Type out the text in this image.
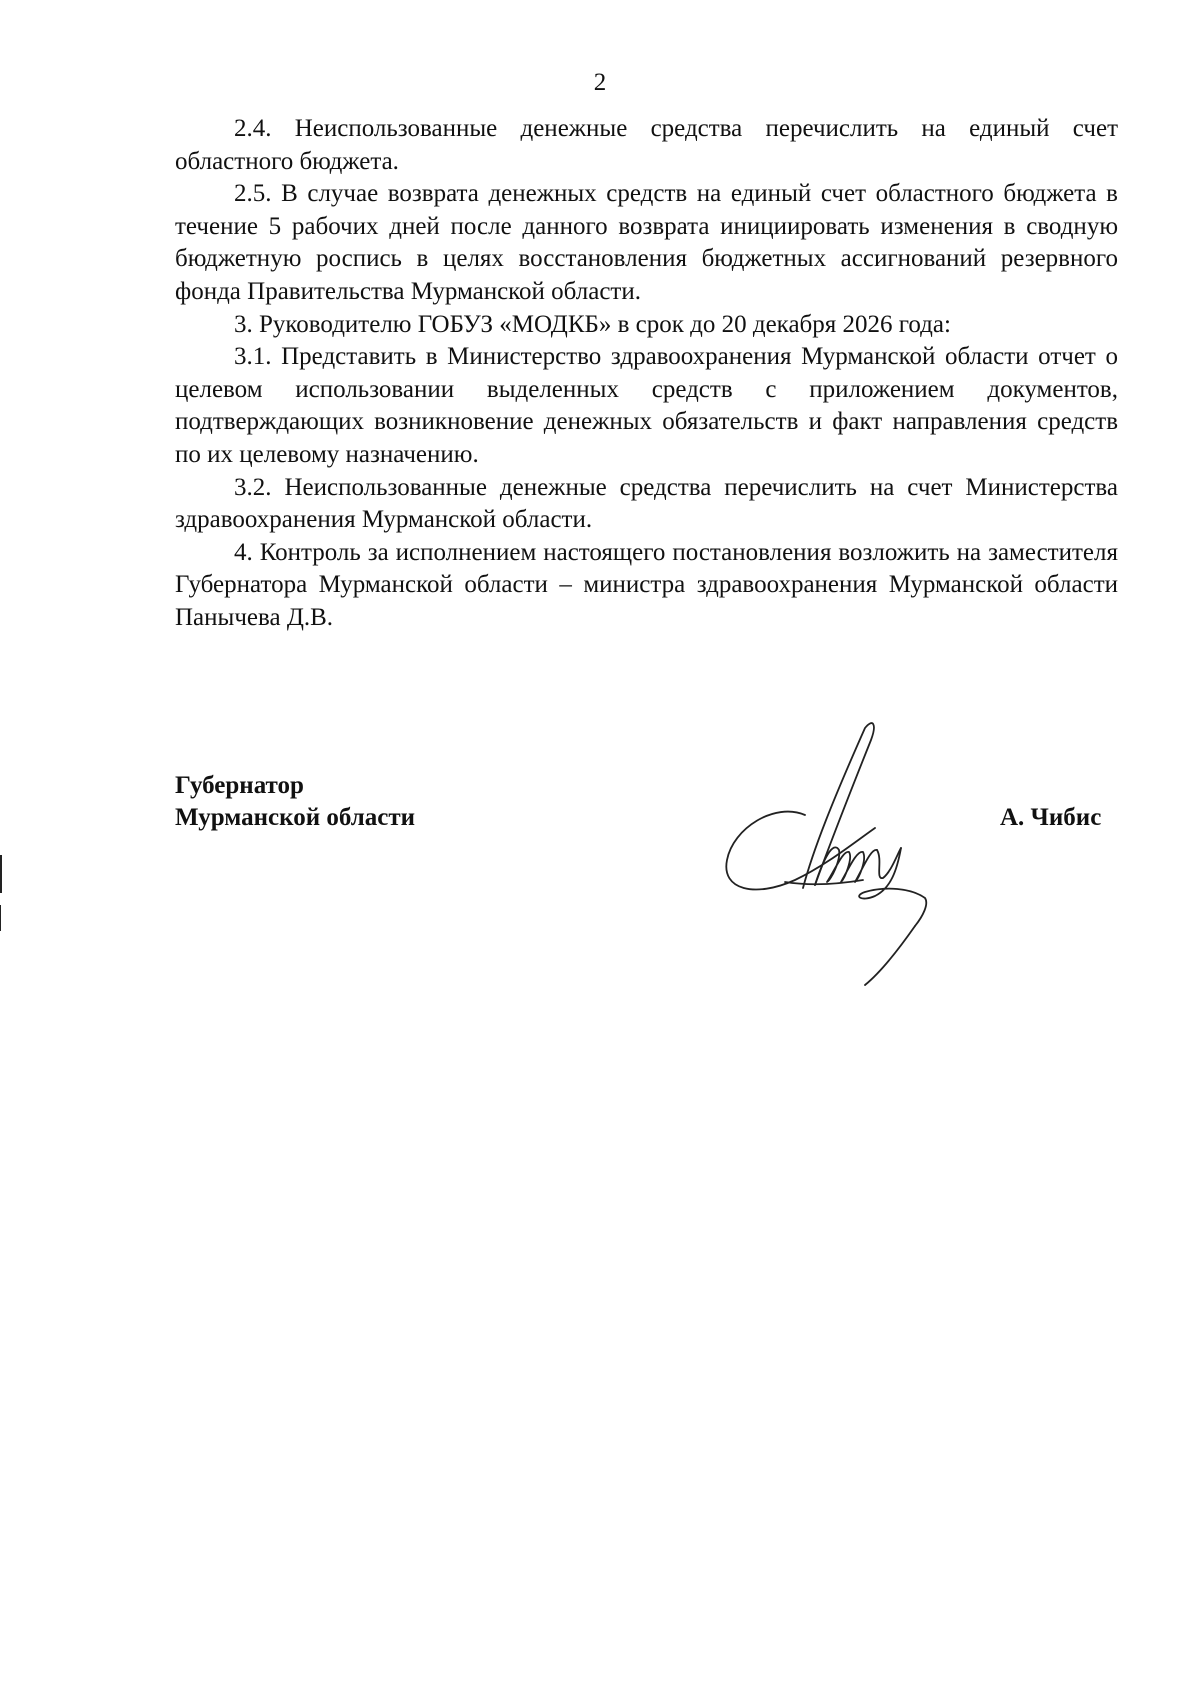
2

2.4. Неиспользованные денежные средства перечислить на единый счет областного бюджета.

2.5. В случае возврата денежных средств на единый счет областного бюджета в течение 5 рабочих дней после данного возврата инициировать изменения в сводную бюджетную роспись в целях восстановления бюджетных ассигнований резервного фонда Правительства Мурманской области.

3. Руководителю ГОБУЗ «МОДКБ» в срок до 20 декабря 2026 года:

3.1. Представить в Министерство здравоохранения Мурманской области отчет о целевом использовании выделенных средств с приложением документов, подтверждающих возникновение денежных обязательств и факт направления средств по их целевому назначению.

3.2. Неиспользованные денежные средства перечислить на счет Министерства здравоохранения Мурманской области.

4. Контроль за исполнением настоящего постановления возложить на заместителя Губернатора Мурманской области – министра здравоохранения Мурманской области Панычева Д.В.

Губернатор
Мурманской области	А. Чибис
